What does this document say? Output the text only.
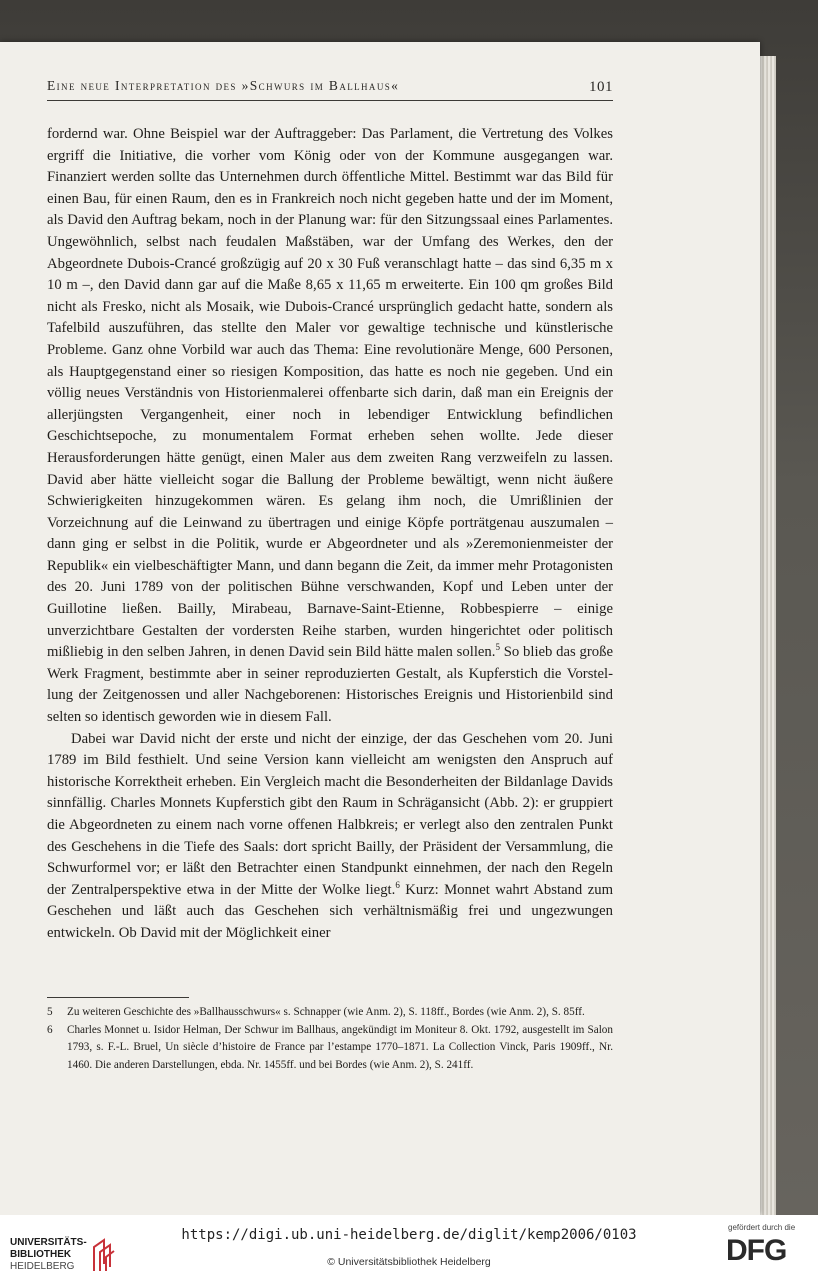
Eine neue Interpretation des »Schwurs im Ballhaus«	101

fordernd war. Ohne Beispiel war der Auftraggeber: Das Parlament, die Vertretung des Volkes ergriff die Initiative, die vorher vom König oder von der Kommune ausgegangen war. Finanziert werden sollte das Unternehmen durch öffentliche Mittel. Bestimmt war das Bild für einen Bau, für einen Raum, den es in Frankreich noch nicht gegeben hatte und der im Moment, als David den Auftrag bekam, noch in der Planung war: für den Sitzungssaal eines Parlamentes. Ungewöhnlich, selbst nach feudalen Maßstäben, war der Umfang des Werkes, den der Abgeordnete Dubois-Crancé großzügig auf 20 x 30 Fuß veranschlagt hatte – das sind 6,35 m x 10 m –, den David dann gar auf die Maße 8,65 x 11,65 m erweiterte. Ein 100 qm großes Bild nicht als Fresko, nicht als Mosaik, wie Dubois-Crancé ursprünglich gedacht hatte, sondern als Tafelbild auszuführen, das stellte den Maler vor gewaltige technische und künstlerische Probleme. Ganz ohne Vorbild war auch das Thema: Eine revolutionäre Menge, 600 Personen, als Hauptgegenstand einer so riesigen Komposition, das hatte es noch nie gegeben. Und ein völlig neues Verständnis von Historienmalerei offenbarte sich darin, daß man ein Ereignis der allerjüngsten Vergangenheit, einer noch in lebendiger Entwicklung befindlichen Geschichtsepoche, zu monumentalem Format erheben sehen wollte. Jede dieser Herausforderungen hätte genügt, einen Maler aus dem zweiten Rang verzweifeln zu lassen. David aber hätte vielleicht sogar die Ballung der Probleme bewältigt, wenn nicht äußere Schwierigkeiten hinzugekommen wären. Es gelang ihm noch, die Umrißlinien der Vorzeichnung auf die Leinwand zu übertragen und einige Köpfe porträtgenau auszumalen – dann ging er selbst in die Politik, wurde er Abgeordneter und als »Zeremonienmeister der Republik« ein vielbeschäftigter Mann, und dann begann die Zeit, da immer mehr Protagonisten des 20. Juni 1789 von der politischen Bühne verschwanden, Kopf und Leben unter der Guillotine ließen. Bailly, Mirabeau, Barnave-Saint-Etienne, Robbespierre – einige unverzichtbare Gestalten der vordersten Reihe starben, wurden hingerichtet oder politisch mißliebig in den selben Jahren, in denen David sein Bild hätte malen sollen.$^5$ So blieb das große Werk Fragment, bestimmte aber in seiner reproduzierten Gestalt, als Kupferstich die Vorstellung der Zeitgenossen und aller Nachgeborenen: Historisches Ereignis und Historienbild sind selten so identisch geworden wie in diesem Fall.

Dabei war David nicht der erste und nicht der einzige, der das Geschehen vom 20. Juni 1789 im Bild festhielt. Und seine Version kann vielleicht am wenigsten den Anspruch auf historische Korrektheit erheben. Ein Vergleich macht die Besonderheiten der Bildanlage Davids sinnfällig. Charles Monnets Kupferstich gibt den Raum in Schrägansicht (Abb. 2): er gruppiert die Abgeordneten zu einem nach vorne offenen Halbkreis; er verlegt also den zentralen Punkt des Geschehens in die Tiefe des Saals: dort spricht Bailly, der Präsident der Versammlung, die Schwurformel vor; er läßt den Betrachter einen Standpunkt einnehmen, der nach den Regeln der Zentralperspektive etwa in der Mitte der Wolke liegt.$^6$ Kurz: Monnet wahrt Abstand zum Geschehen und läßt auch das Geschehen sich verhältnismäßig frei und ungezwungen entwickeln. Ob David mit der Möglichkeit einer

5 Zu weiteren Geschichte des »Ballhausschwurs« s. Schnapper (wie Anm. 2), S. 118ff., Bordes (wie Anm. 2), S. 85ff.
6 Charles Monnet u. Isidor Helman, Der Schwur im Ballhaus, angekündigt im Moniteur 8. Okt. 1792, ausgestellt im Salon 1793, s. F.-L. Bruel, Un siècle d’histoire de France par l’estampe 1770–1871. La Collection Vinck, Paris 1909ff., Nr. 1460. Die anderen Darstellungen, ebda. Nr. 1455ff. und bei Bordes (wie Anm. 2), S. 241ff.
UNIVERSITÄTS-
BIBLIOTHEK
HEIDELBERG
https://digi.ub.uni-heidelberg.de/diglit/kemp2006/0103
© Universitätsbibliothek Heidelberg
gefördert durch die
DFG
